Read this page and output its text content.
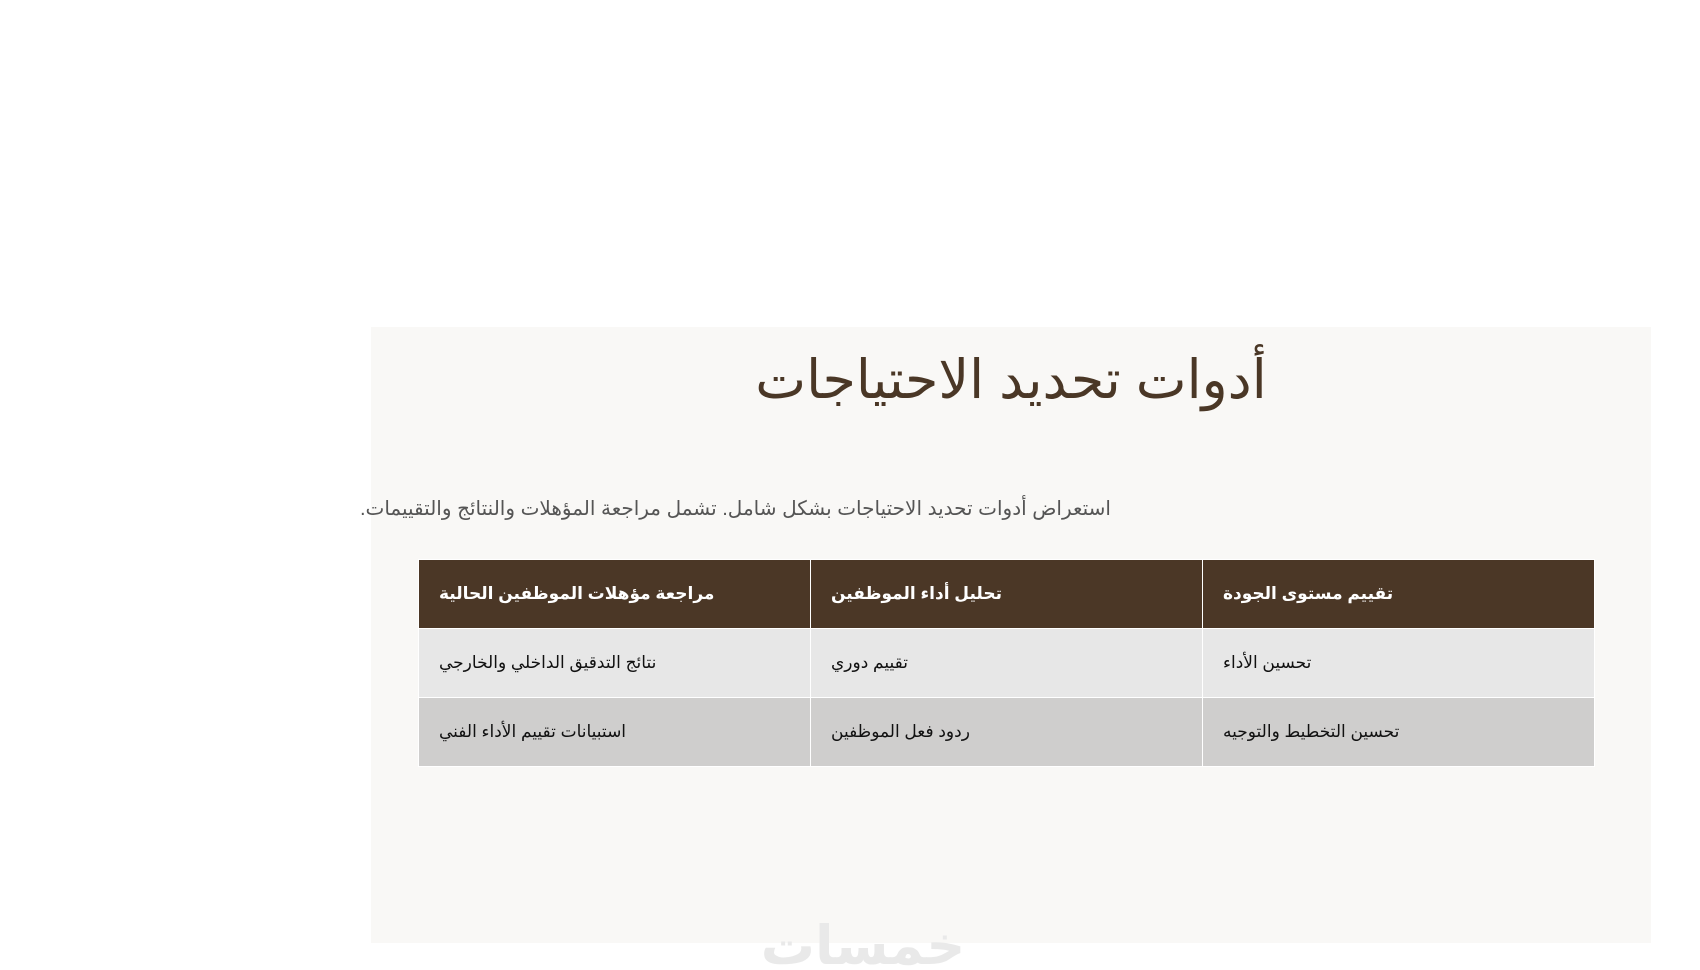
أدوات تحديد الاحتياجات
استعراض أدوات تحديد الاحتياجات بشكل شامل. تشمل مراجعة المؤهلات والنتائج والتقييمات.
مراجعة مؤهلات الموظفين الحالية	تحليل أداء الموظفين	تقييم مستوى الجودة
نتائج التدقيق الداخلي والخارجي	تقييم دوري	تحسين الأداء
استبيانات تقييم الأداء الفني	ردود فعل الموظفين	تحسين التخطيط والتوجيه
خمسات
